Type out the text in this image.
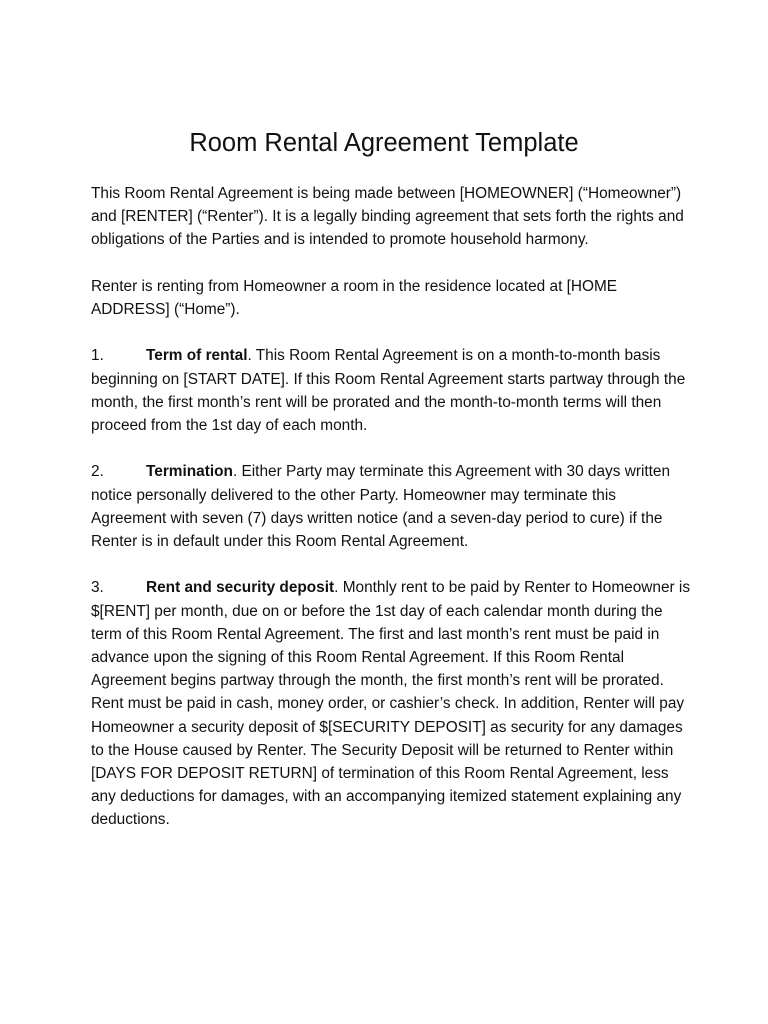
Room Rental Agreement Template

This Room Rental Agreement is being made between [HOMEOWNER] (“Homeowner”) and [RENTER] (“Renter”). It is a legally binding agreement that sets forth the rights and obligations of the Parties and is intended to promote household harmony.

Renter is renting from Homeowner a room in the residence located at [HOME ADDRESS] (“Home”).

1.	Term of rental. This Room Rental Agreement is on a month-to-month basis beginning on [START DATE]. If this Room Rental Agreement starts partway through the month, the first month’s rent will be prorated and the month-to-month terms will then proceed from the 1st day of each month.

2.	Termination. Either Party may terminate this Agreement with 30 days written notice personally delivered to the other Party. Homeowner may terminate this Agreement with seven (7) days written notice (and a seven-day period to cure) if the Renter is in default under this Room Rental Agreement.

3.	Rent and security deposit. Monthly rent to be paid by Renter to Homeowner is $[RENT] per month, due on or before the 1st day of each calendar month during the term of this Room Rental Agreement. The first and last month’s rent must be paid in advance upon the signing of this Room Rental Agreement. If this Room Rental Agreement begins partway through the month, the first month’s rent will be prorated. Rent must be paid in cash, money order, or cashier’s check. In addition, Renter will pay Homeowner a security deposit of $[SECURITY DEPOSIT] as security for any damages to the House caused by Renter. The Security Deposit will be returned to Renter within [DAYS FOR DEPOSIT RETURN] of termination of this Room Rental Agreement, less any deductions for damages, with an accompanying itemized statement explaining any deductions.
